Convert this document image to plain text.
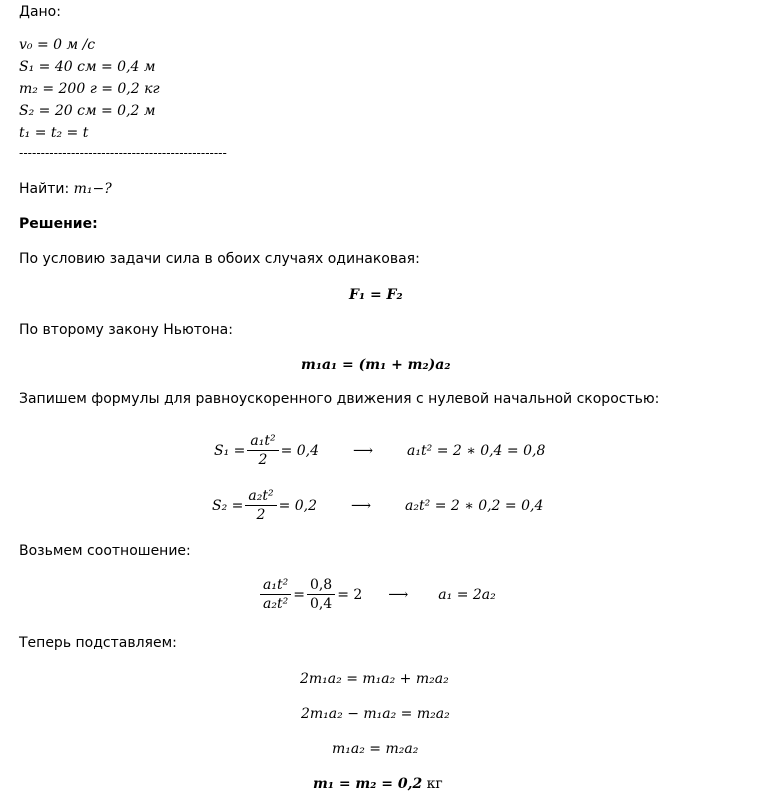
Дано:
v₀ = 0 м /с
S₁ = 40 см = 0,4 м
m₂ = 200 г = 0,2 кг
S₂ = 20 см = 0,2 м
t₁ = t₂ = t
------------------------------------------------
Найти: m₁−?
Решение:
По условию задачи сила в обоих случаях одинаковая:
F₁ = F₂
По второму закону Ньютона:
m₁a₁ = (m₁ + m₂)a₂
Запишем формулы для равноускоренного движения с нулевой начальной скоростью:
$S_1 = \frac{\text{a₁t²}}{2} = 0,4$	⟶	a₁t² = 2 ∗ 0,4 = 0,8
$S_2 = \frac{\text{a₂t²}}{2} = 0,2$	⟶	a₂t² = 2 ∗ 0,2 = 0,4
Возьмем соотношение:
$\frac{\text{a₁t²}}{\text{a₂t²}} = \frac{0,8}{0,4} = 2$	⟶	a₁ = 2a₂
Теперь подставляем:
2m₁a₂ = m₁a₂ + m₂a₂
2m₁a₂ − m₁a₂ = m₂a₂
m₁a₂ = m₂a₂
m₁ = m₂ = 0,2 кг
